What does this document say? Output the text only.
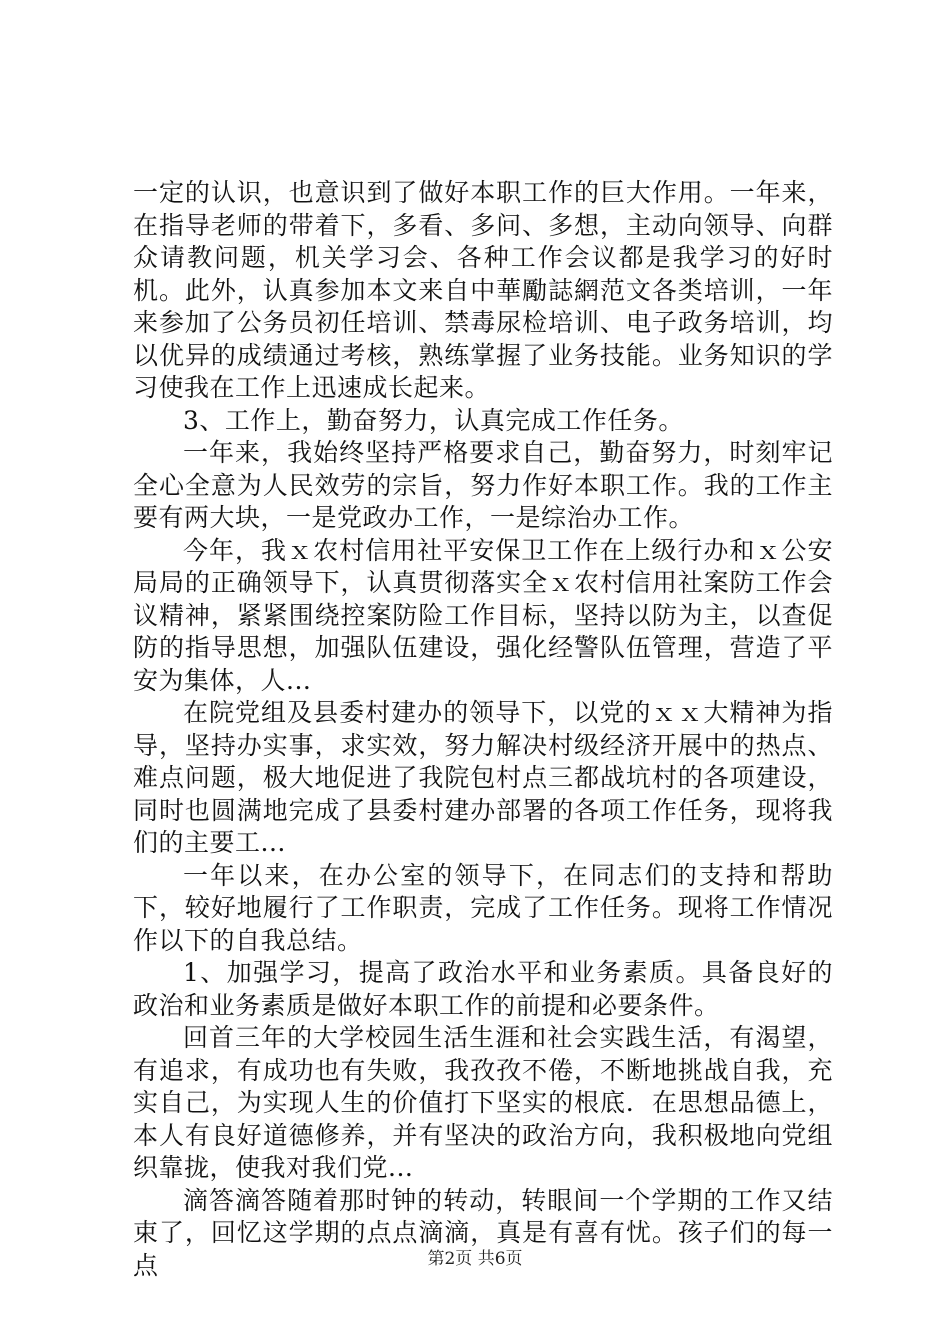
一定的认识，也意识到了做好本职工作的巨大作用。一年来，在指导老师的带着下，多看、多问、多想，主动向领导、向群众请教问题，机关学习会、各种工作会议都是我学习的好时机。此外，认真参加本文来自中華勵誌網范文各类培训，一年来参加了公务员初任培训、禁毒尿检培训、电子政务培训，均以优异的成绩通过考核，熟练掌握了业务技能。业务知识的学习使我在工作上迅速成长起来。

3、工作上，勤奋努力，认真完成工作任务。

一年来，我始终坚持严格要求自己，勤奋努力，时刻牢记全心全意为人民效劳的宗旨，努力作好本职工作。我的工作主要有两大块，一是党政办工作，一是综治办工作。

今年，我ｘ农村信用社平安保卫工作在上级行办和ｘ公安局局的正确领导下，认真贯彻落实全ｘ农村信用社案防工作会议精神，紧紧围绕控案防险工作目标，坚持以防为主，以查促防的指导思想，加强队伍建设，强化经警队伍管理，营造了平安为集体，人...

在院党组及县委村建办的领导下，以党的ｘｘ大精神为指导，坚持办实事，求实效，努力解决村级经济开展中的热点、难点问题，极大地促进了我院包村点三都战坑村的各项建设，同时也圆满地完成了县委村建办部署的各项工作任务，现将我们的主要工...

一年以来，在办公室的领导下，在同志们的支持和帮助下，较好地履行了工作职责，完成了工作任务。现将工作情况作以下的自我总结。

1、加强学习，提高了政治水平和业务素质。具备良好的政治和业务素质是做好本职工作的前提和必要条件。

回首三年的大学校园生活生涯和社会实践生活，有渴望，有追求，有成功也有失败，我孜孜不倦，不断地挑战自我，充实自己，为实现人生的价值打下坚实的根底．在思想品德上，本人有良好道德修养，并有坚决的政治方向，我积极地向党组织靠拢，使我对我们党...

滴答滴答随着那时钟的转动，转眼间一个学期的工作又结束了，回忆这学期的点点滴滴，真是有喜有忧。孩子们的每一点	第2页 共6页
